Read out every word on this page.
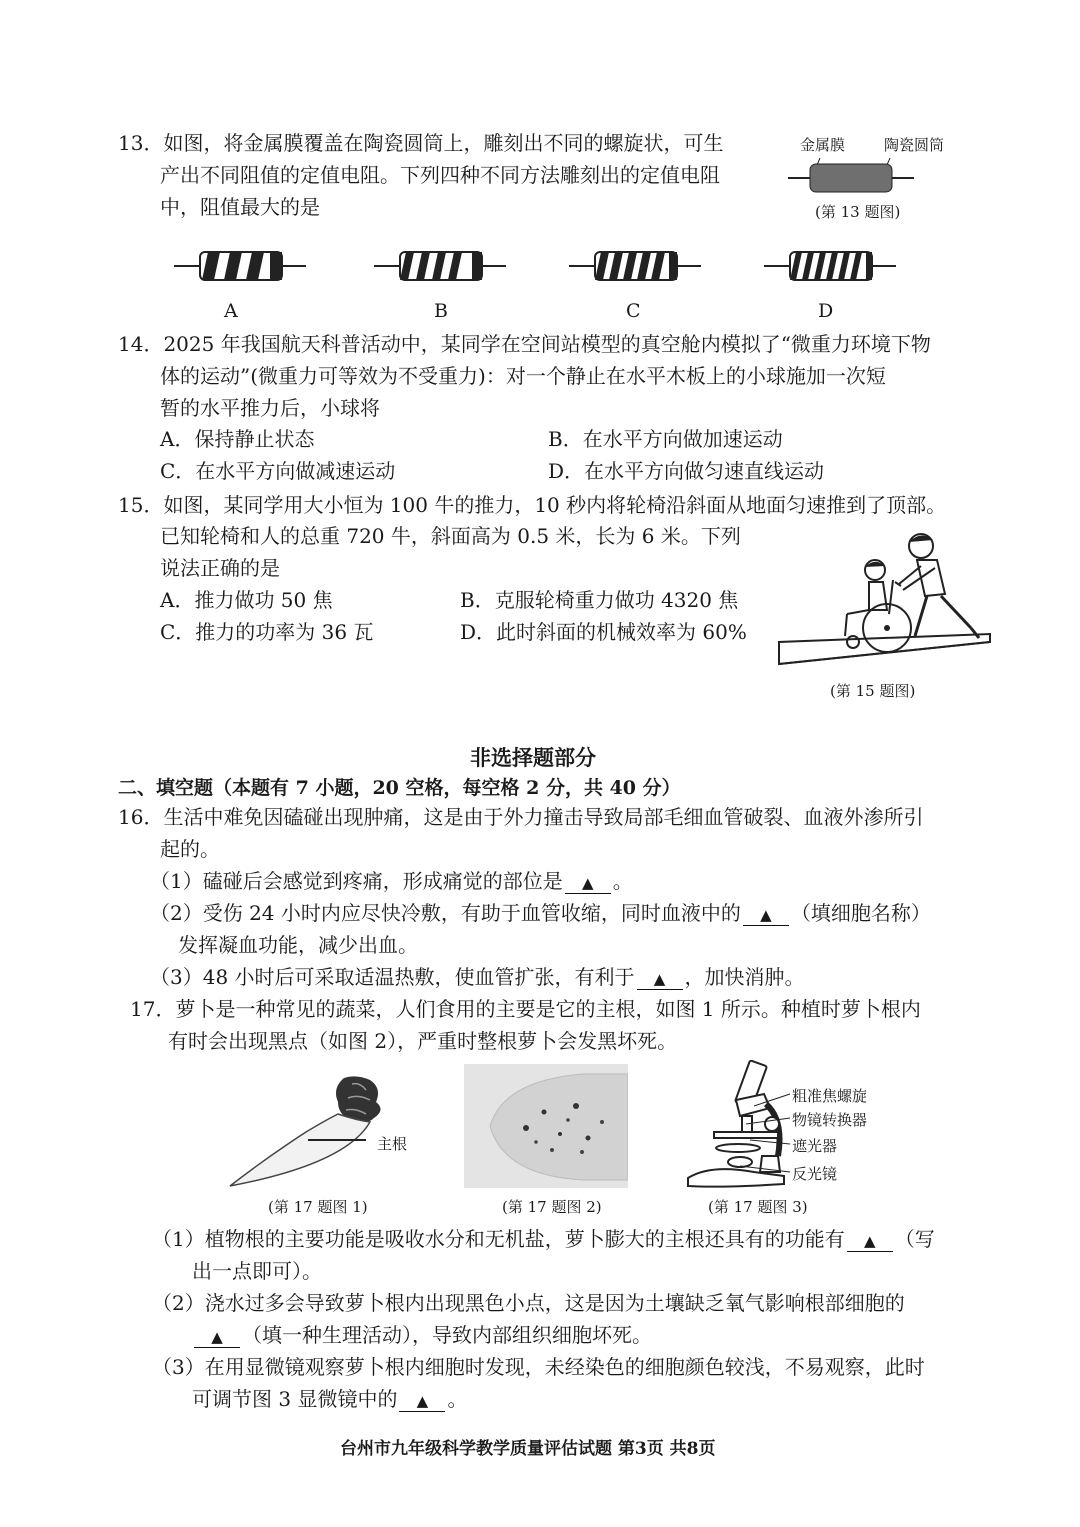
13．如图，将金属膜覆盖在陶瓷圆筒上，雕刻出不同的螺旋状，可生
产出不同阻值的定值电阻。下列四种不同方法雕刻出的定值电阻
中，阻值最大的是
金属膜	陶瓷圆筒
(第 13 题图)
A	B	C	D
14．2025 年我国航天科普活动中，某同学在空间站模型的真空舱内模拟了“微重力环境下物
体的运动”(微重力可等效为不受重力)：对一个静止在水平木板上的小球施加一次短
暂的水平推力后，小球将
A．保持静止状态	B．在水平方向做加速运动
C．在水平方向做减速运动	D．在水平方向做匀速直线运动
15．如图，某同学用大小恒为 100 牛的推力，10 秒内将轮椅沿斜面从地面匀速推到了顶部。
已知轮椅和人的总重 720 牛，斜面高为 0.5 米，长为 6 米。下列
说法正确的是
A．推力做功 50 焦	B．克服轮椅重力做功 4320 焦
C．推力的功率为 36 瓦	D．此时斜面的机械效率为 60%
(第 15 题图)
非选择题部分
二、填空题（本题有 7 小题，20 空格，每空格 2 分，共 40 分）
16．生活中难免因磕碰出现肿痛，这是由于外力撞击导致局部毛细血管破裂、血液外渗所引
起的。
（1）磕碰后会感觉到疼痛，形成痛觉的部位是 ▲ 。
（2）受伤 24 小时内应尽快冷敷，有助于血管收缩，同时血液中的 ▲ （填细胞名称）
发挥凝血功能，减少出血。
（3）48 小时后可采取适温热敷，使血管扩张，有利于 ▲ ，加快消肿。
17．萝卜是一种常见的蔬菜，人们食用的主要是它的主根，如图 1 所示。种植时萝卜根内
有时会出现黑点（如图 2），严重时整根萝卜会发黑坏死。
主根
(第 17 题图 1)	(第 17 题图 2)
粗准焦螺旋
物镜转换器
遮光器
反光镜
(第 17 题图 3)
（1）植物根的主要功能是吸收水分和无机盐，萝卜膨大的主根还具有的功能有 ▲ （写
出一点即可）。
（2）浇水过多会导致萝卜根内出现黑色小点，这是因为土壤缺乏氧气影响根部细胞的
▲ （填一种生理活动），导致内部组织细胞坏死。
（3）在用显微镜观察萝卜根内细胞时发现，未经染色的细胞颜色较浅，不易观察，此时
可调节图 3 显微镜中的 ▲ 。
台州市九年级科学教学质量评估试题 第3页 共8页
